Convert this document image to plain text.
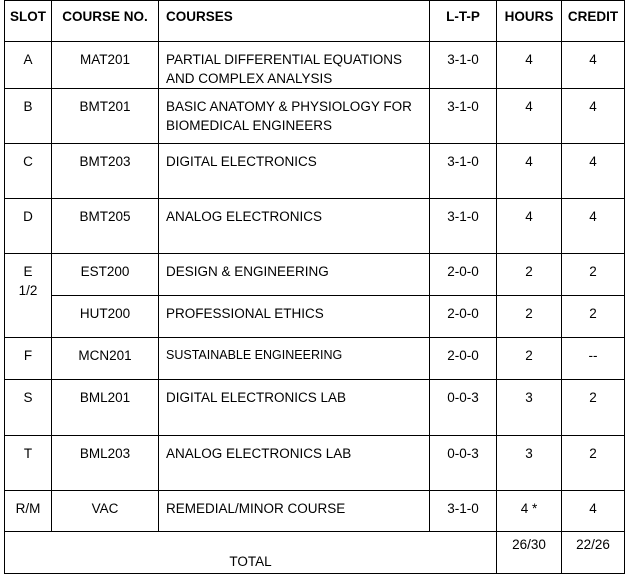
SLOT	COURSE NO.	COURSES	L-T-P	HOURS	CREDIT
A	MAT201	PARTIAL DIFFERENTIAL EQUATIONS AND COMPLEX ANALYSIS	3-1-0	4	4
B	BMT201	BASIC ANATOMY & PHYSIOLOGY FOR BIOMEDICAL ENGINEERS	3-1-0	4	4
C	BMT203	DIGITAL ELECTRONICS	3-1-0	4	4
D	BMT205	ANALOG ELECTRONICS	3-1-0	4	4

E
1/2	EST200	DESIGN & ENGINEERING	2-0-0	2	2
	HUT200	PROFESSIONAL ETHICS	2-0-0	2	2
F	MCN201	SUSTAINABLE ENGINEERING	2-0-0	2	--
S	BML201	DIGITAL ELECTRONICS LAB	0-0-3	3	2
T	BML203	ANALOG ELECTRONICS LAB	0-0-3	3	2
R/M	VAC	REMEDIAL/MINOR COURSE	3-1-0	4 *	4
TOTAL				26/30	22/26
